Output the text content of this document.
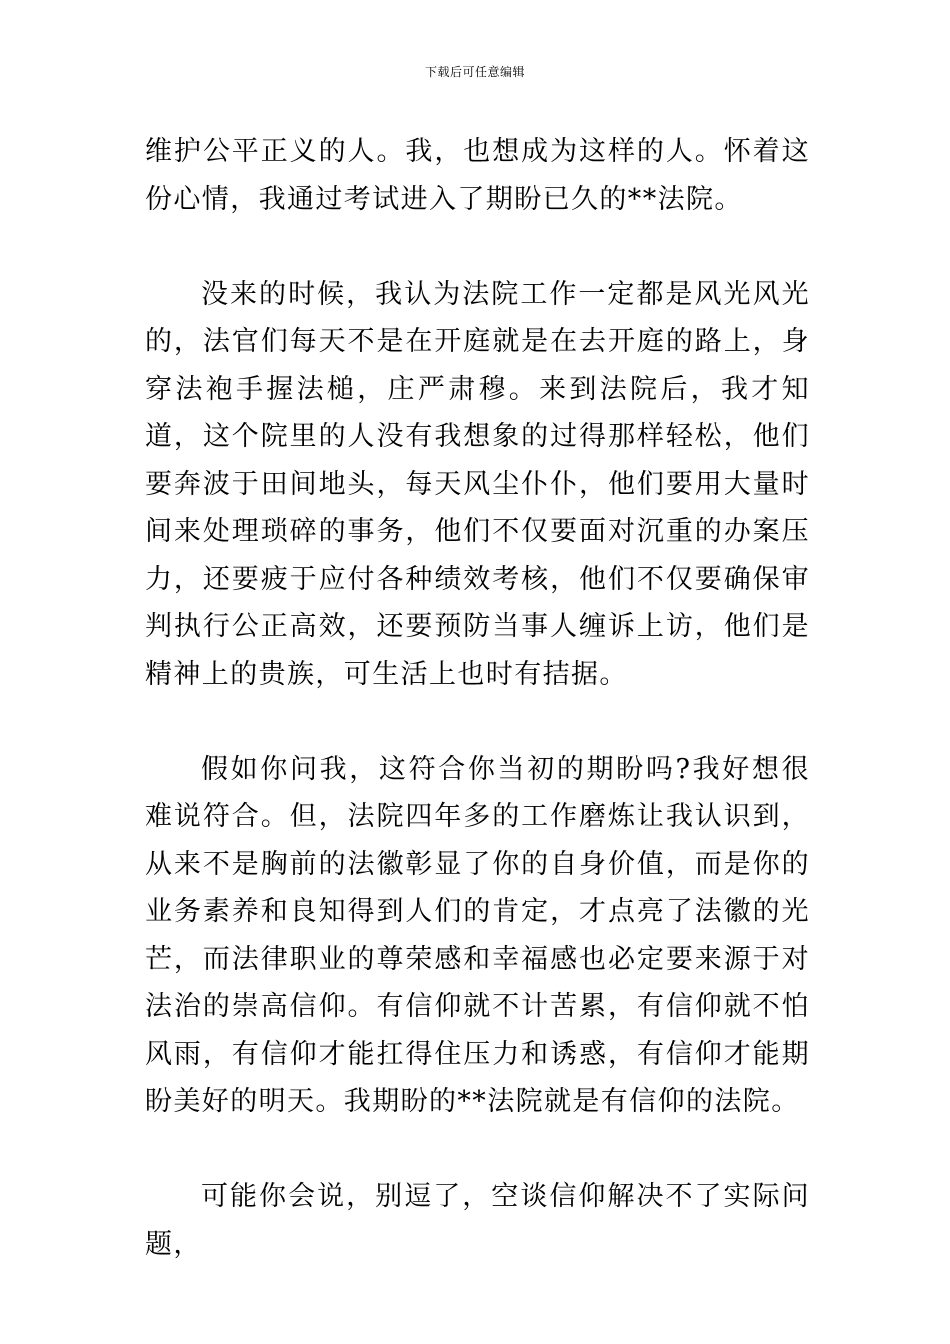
下载后可任意编辑

维护公平正义的人。我，也想成为这样的人。怀着这份心情，我通过考试进入了期盼已久的**法院。

没来的时候，我认为法院工作一定都是风光风光的，法官们每天不是在开庭就是在去开庭的路上，身穿法袍手握法槌，庄严肃穆。来到法院后，我才知道，这个院里的人没有我想象的过得那样轻松，他们要奔波于田间地头，每天风尘仆仆，他们要用大量时间来处理琐碎的事务，他们不仅要面对沉重的办案压力，还要疲于应付各种绩效考核，他们不仅要确保审判执行公正高效，还要预防当事人缠诉上访，他们是精神上的贵族，可生活上也时有拮据。

假如你问我，这符合你当初的期盼吗?我好想很难说符合。但，法院四年多的工作磨炼让我认识到，从来不是胸前的法徽彰显了你的自身价值，而是你的业务素养和良知得到人们的肯定，才点亮了法徽的光芒，而法律职业的尊荣感和幸福感也必定要来源于对法治的崇高信仰。有信仰就不计苦累，有信仰就不怕风雨，有信仰才能扛得住压力和诱惑，有信仰才能期盼美好的明天。我期盼的**法院就是有信仰的法院。

可能你会说，别逗了，空谈信仰解决不了实际问题，
